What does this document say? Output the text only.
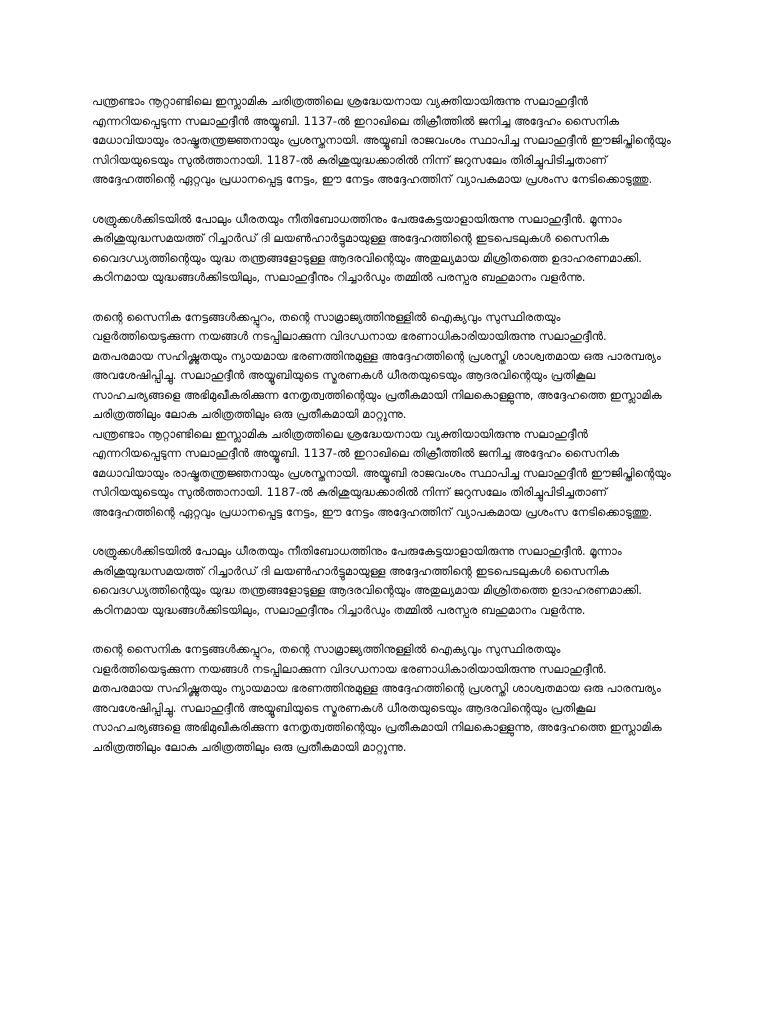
പന്ത്രണ്ടാം നൂറ്റാണ്ടിലെ ഇസ്ലാമിക ചരിത്രത്തിലെ ശ്രദ്ധേയനായ വ്യക്തിയായിരുന്നു സലാഹുദ്ദീൻ
എന്നറിയപ്പെടുന്ന സലാഹുദ്ദീൻ അയ്യൂബി. 1137-ൽ ഇറാഖിലെ തിക്രീത്തിൽ ജനിച്ച അദ്ദേഹം സൈനിക
മേധാവിയായും രാഷ്ട്രതന്ത്രജ്ഞനായും പ്രശസ്തനായി. അയ്യൂബി രാജവംശം സ്ഥാപിച്ച സലാഹുദ്ദീൻ ഈജിപ്തിന്റെയും
സിറിയയുടെയും സുൽത്താനായി. 1187-ൽ കുരിശുയുദ്ധക്കാരിൽ നിന്ന് ജറുസലേം തിരിച്ചുപിടിച്ചതാണ്
അദ്ദേഹത്തിന്റെ ഏറ്റവും പ്രധാനപ്പെട്ട നേട്ടം, ഈ നേട്ടം അദ്ദേഹത്തിന് വ്യാപകമായ പ്രശംസ നേടിക്കൊടുത്തു.

ശത്രുക്കൾക്കിടയിൽ പോലും ധീരതയും നീതിബോധത്തിനും പേരുകേട്ടയാളായിരുന്നു സലാഹുദ്ദീൻ. മൂന്നാം
കുരിശുയുദ്ധസമയത്ത് റിച്ചാർഡ് ദി ലയൺഹാർട്ടുമായുള്ള അദ്ദേഹത്തിന്റെ ഇടപെടലുകൾ സൈനിക
വൈദഗ്ധ്യത്തിന്റെയും യുദ്ധ തന്ത്രങ്ങളോടുള്ള ആദരവിന്റെയും അതുല്യമായ മിശ്രിതത്തെ ഉദാഹരണമാക്കി.
കഠിനമായ യുദ്ധങ്ങൾക്കിടയിലും, സലാഹുദ്ദീനും റിച്ചാർഡും തമ്മിൽ പരസ്പര ബഹുമാനം വളർന്നു.

തന്റെ സൈനിക നേട്ടങ്ങൾക്കപ്പുറം, തന്റെ സാമ്രാജ്യത്തിനുള്ളിൽ ഐക്യവും സുസ്ഥിരതയും
വളർത്തിയെടുക്കുന്ന നയങ്ങൾ നടപ്പിലാക്കുന്ന വിദഗ്ധനായ ഭരണാധികാരിയായിരുന്നു സലാഹുദ്ദീൻ.
മതപരമായ സഹിഷ്ണുതയും ന്യായമായ ഭരണത്തിനുമുള്ള അദ്ദേഹത്തിന്റെ പ്രശസ്തി ശാശ്വതമായ ഒരു പാരമ്പര്യം
അവശേഷിപ്പിച്ചു. സലാഹുദ്ദീൻ അയ്യൂബിയുടെ സ്മരണകൾ ധീരതയുടെയും ആദരവിന്റെയും പ്രതികൂല
സാഹചര്യങ്ങളെ അഭിമുഖീകരിക്കുന്ന നേതൃത്വത്തിന്റെയും പ്രതീകമായി നിലകൊള്ളുന്നു, അദ്ദേഹത്തെ ഇസ്ലാമിക
ചരിത്രത്തിലും ലോക ചരിത്രത്തിലും ഒരു പ്രതീകമായി മാറ്റുന്നു.

പന്ത്രണ്ടാം നൂറ്റാണ്ടിലെ ഇസ്ലാമിക ചരിത്രത്തിലെ ശ്രദ്ധേയനായ വ്യക്തിയായിരുന്നു സലാഹുദ്ദീൻ
എന്നറിയപ്പെടുന്ന സലാഹുദ്ദീൻ അയ്യൂബി. 1137-ൽ ഇറാഖിലെ തിക്രീത്തിൽ ജനിച്ച അദ്ദേഹം സൈനിക
മേധാവിയായും രാഷ്ട്രതന്ത്രജ്ഞനായും പ്രശസ്തനായി. അയ്യൂബി രാജവംശം സ്ഥാപിച്ച സലാഹുദ്ദീൻ ഈജിപ്തിന്റെയും
സിറിയയുടെയും സുൽത്താനായി. 1187-ൽ കുരിശുയുദ്ധക്കാരിൽ നിന്ന് ജറുസലേം തിരിച്ചുപിടിച്ചതാണ്
അദ്ദേഹത്തിന്റെ ഏറ്റവും പ്രധാനപ്പെട്ട നേട്ടം, ഈ നേട്ടം അദ്ദേഹത്തിന് വ്യാപകമായ പ്രശംസ നേടിക്കൊടുത്തു.

ശത്രുക്കൾക്കിടയിൽ പോലും ധീരതയും നീതിബോധത്തിനും പേരുകേട്ടയാളായിരുന്നു സലാഹുദ്ദീൻ. മൂന്നാം
കുരിശുയുദ്ധസമയത്ത് റിച്ചാർഡ് ദി ലയൺഹാർട്ടുമായുള്ള അദ്ദേഹത്തിന്റെ ഇടപെടലുകൾ സൈനിക
വൈദഗ്ധ്യത്തിന്റെയും യുദ്ധ തന്ത്രങ്ങളോടുള്ള ആദരവിന്റെയും അതുല്യമായ മിശ്രിതത്തെ ഉദാഹരണമാക്കി.
കഠിനമായ യുദ്ധങ്ങൾക്കിടയിലും, സലാഹുദ്ദീനും റിച്ചാർഡും തമ്മിൽ പരസ്പര ബഹുമാനം വളർന്നു.

തന്റെ സൈനിക നേട്ടങ്ങൾക്കപ്പുറം, തന്റെ സാമ്രാജ്യത്തിനുള്ളിൽ ഐക്യവും സുസ്ഥിരതയും
വളർത്തിയെടുക്കുന്ന നയങ്ങൾ നടപ്പിലാക്കുന്ന വിദഗ്ധനായ ഭരണാധികാരിയായിരുന്നു സലാഹുദ്ദീൻ.
മതപരമായ സഹിഷ്ണുതയും ന്യായമായ ഭരണത്തിനുമുള്ള അദ്ദേഹത്തിന്റെ പ്രശസ്തി ശാശ്വതമായ ഒരു പാരമ്പര്യം
അവശേഷിപ്പിച്ചു. സലാഹുദ്ദീൻ അയ്യൂബിയുടെ സ്മരണകൾ ധീരതയുടെയും ആദരവിന്റെയും പ്രതികൂല
സാഹചര്യങ്ങളെ അഭിമുഖീകരിക്കുന്ന നേതൃത്വത്തിന്റെയും പ്രതീകമായി നിലകൊള്ളുന്നു, അദ്ദേഹത്തെ ഇസ്ലാമിക
ചരിത്രത്തിലും ലോക ചരിത്രത്തിലും ഒരു പ്രതീകമായി മാറ്റുന്നു.
